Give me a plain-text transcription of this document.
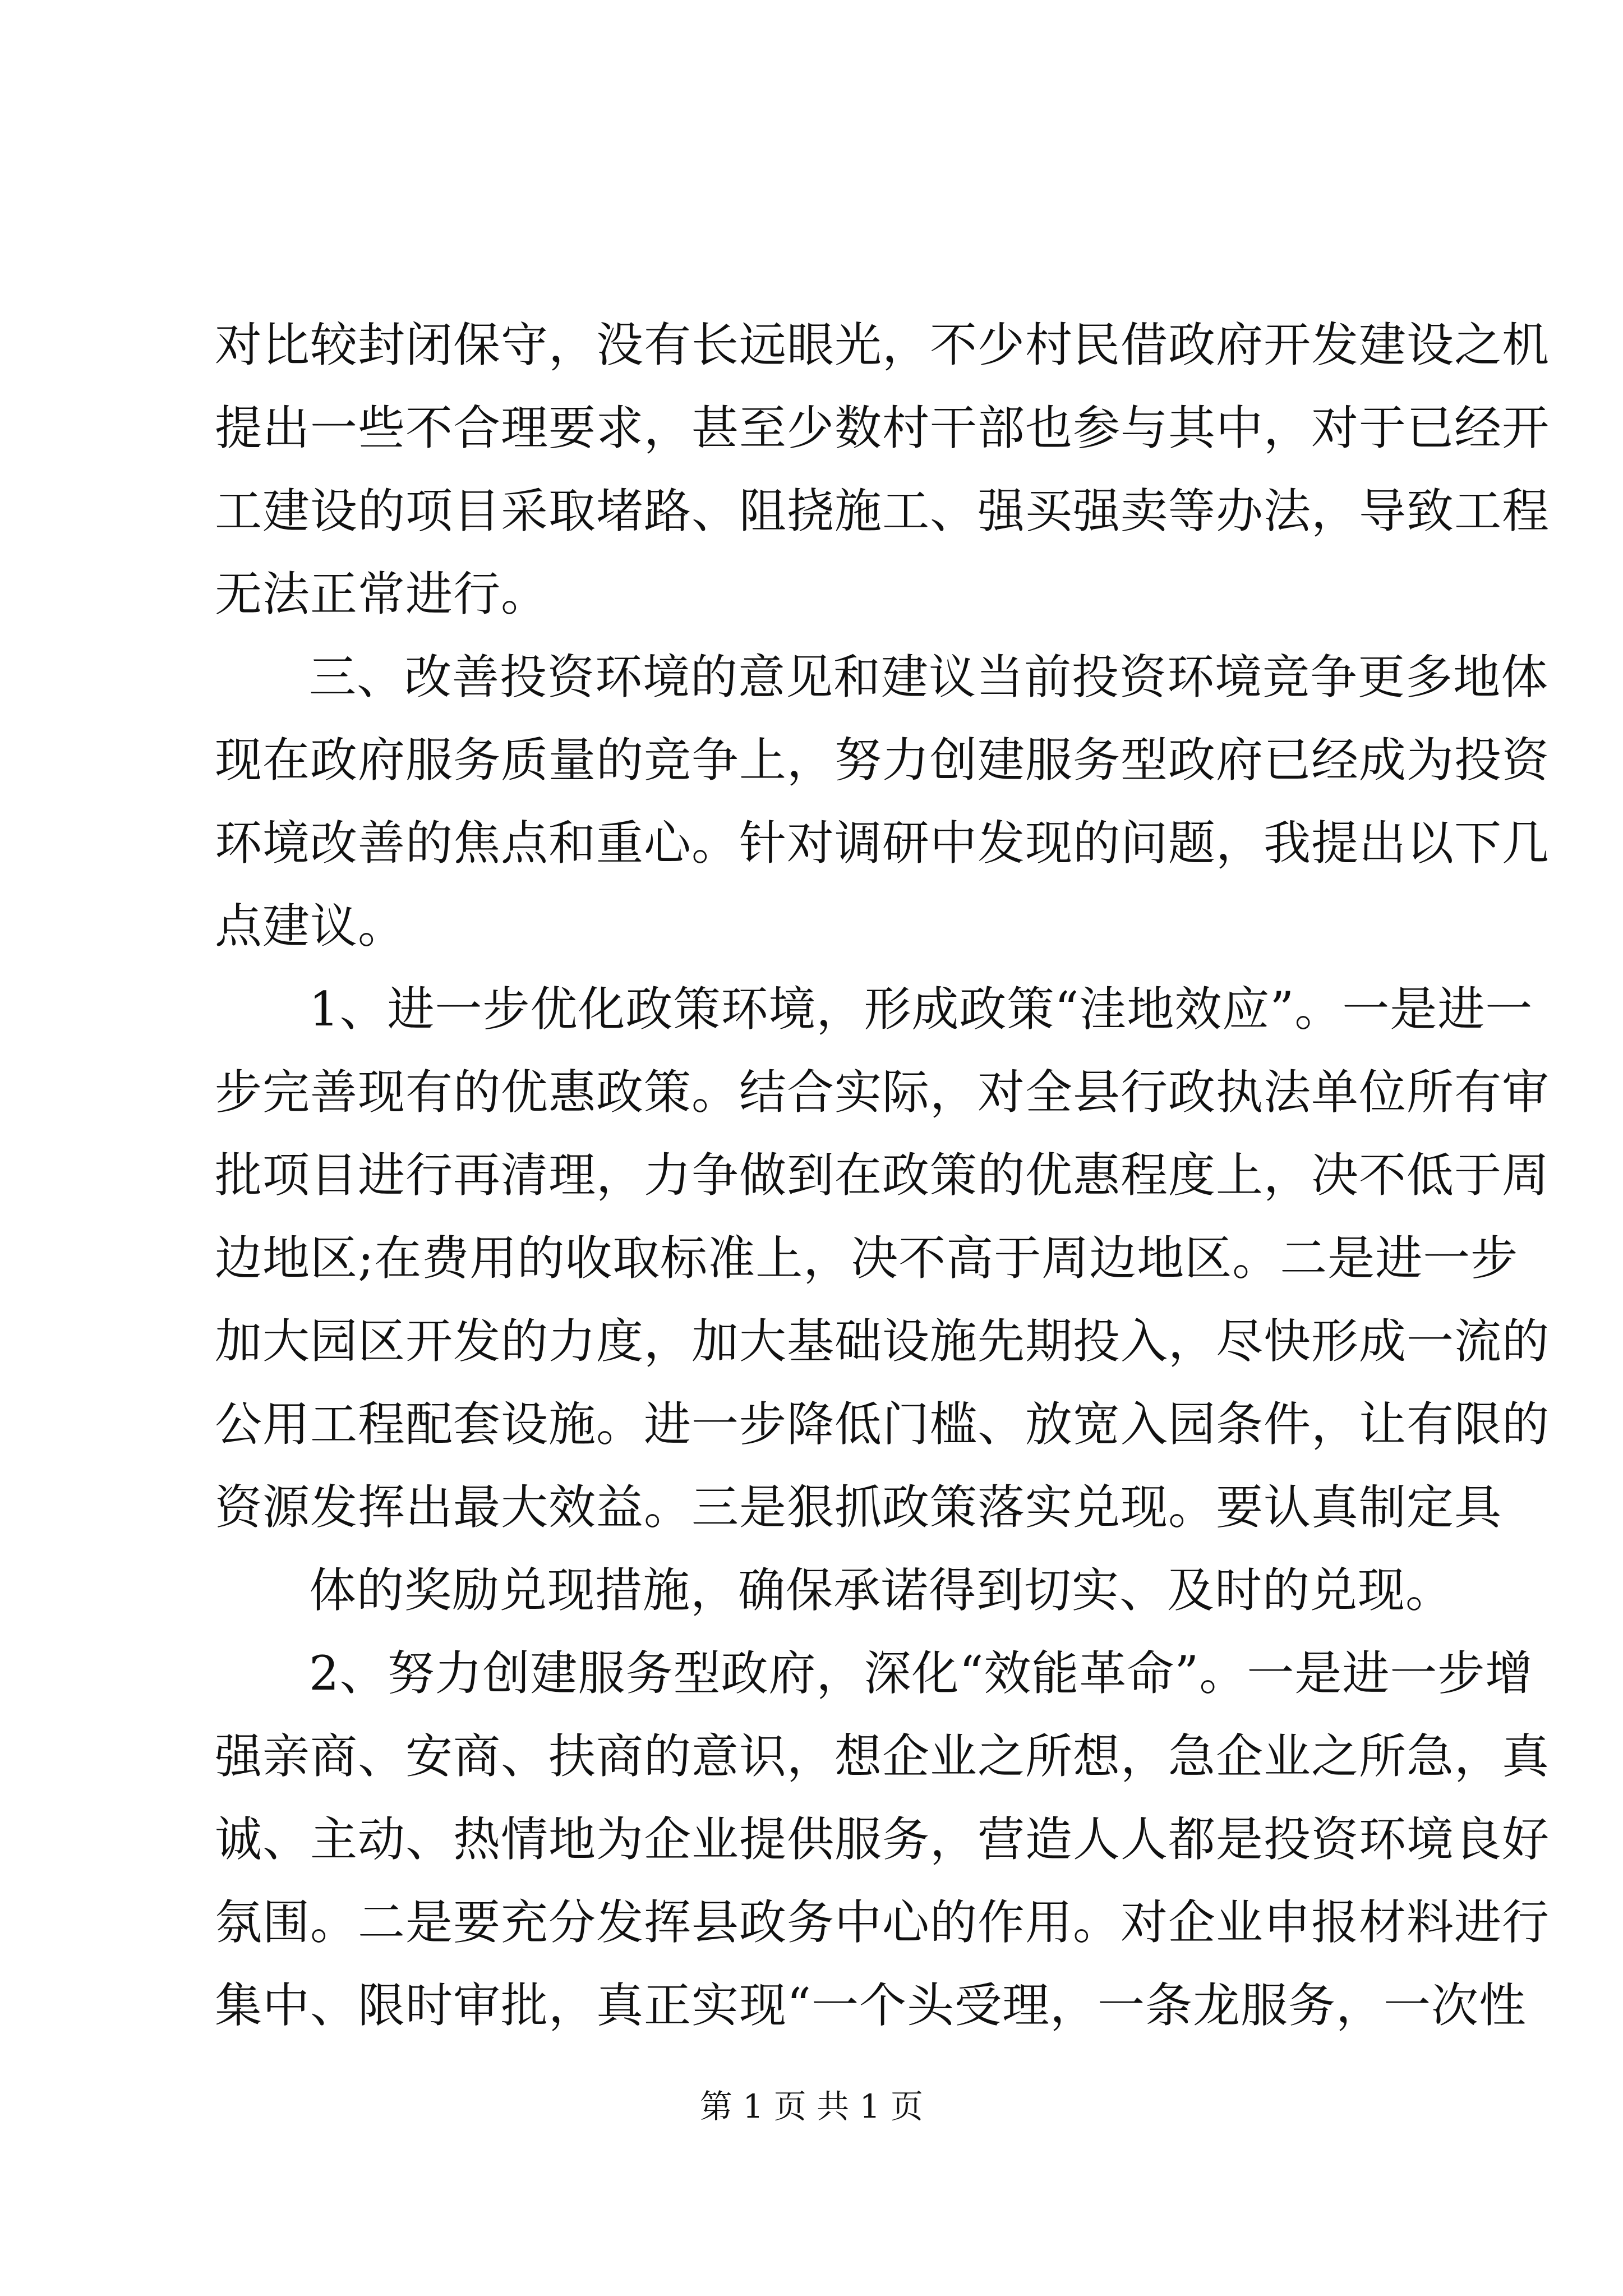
对比较封闭保守，没有长远眼光，不少村民借政府开发建设之机
提出一些不合理要求，甚至少数村干部也参与其中，对于已经开
工建设的项目采取堵路、阻挠施工、强买强卖等办法，导致工程
无法正常进行。
三、改善投资环境的意见和建议当前投资环境竞争更多地体
现在政府服务质量的竞争上，努力创建服务型政府已经成为投资
环境改善的焦点和重心。针对调研中发现的问题，我提出以下几
点建议。
1、进一步优化政策环境，形成政策“洼地效应”。一是进一
步完善现有的优惠政策。结合实际，对全县行政执法单位所有审
批项目进行再清理，力争做到在政策的优惠程度上，决不低于周
边地区;在费用的收取标准上，决不高于周边地区。二是进一步
加大园区开发的力度，加大基础设施先期投入，尽快形成一流的
公用工程配套设施。进一步降低门槛、放宽入园条件，让有限的
资源发挥出最大效益。三是狠抓政策落实兑现。要认真制定具
体的奖励兑现措施，确保承诺得到切实、及时的兑现。
2、努力创建服务型政府，深化“效能革命”。一是进一步增
强亲商、安商、扶商的意识，想企业之所想，急企业之所急，真
诚、主动、热情地为企业提供服务，营造人人都是投资环境良好
氛围。二是要充分发挥县政务中心的作用。对企业申报材料进行
集中、限时审批，真正实现“一个头受理，一条龙服务，一次性
第 1 页 共 1 页
